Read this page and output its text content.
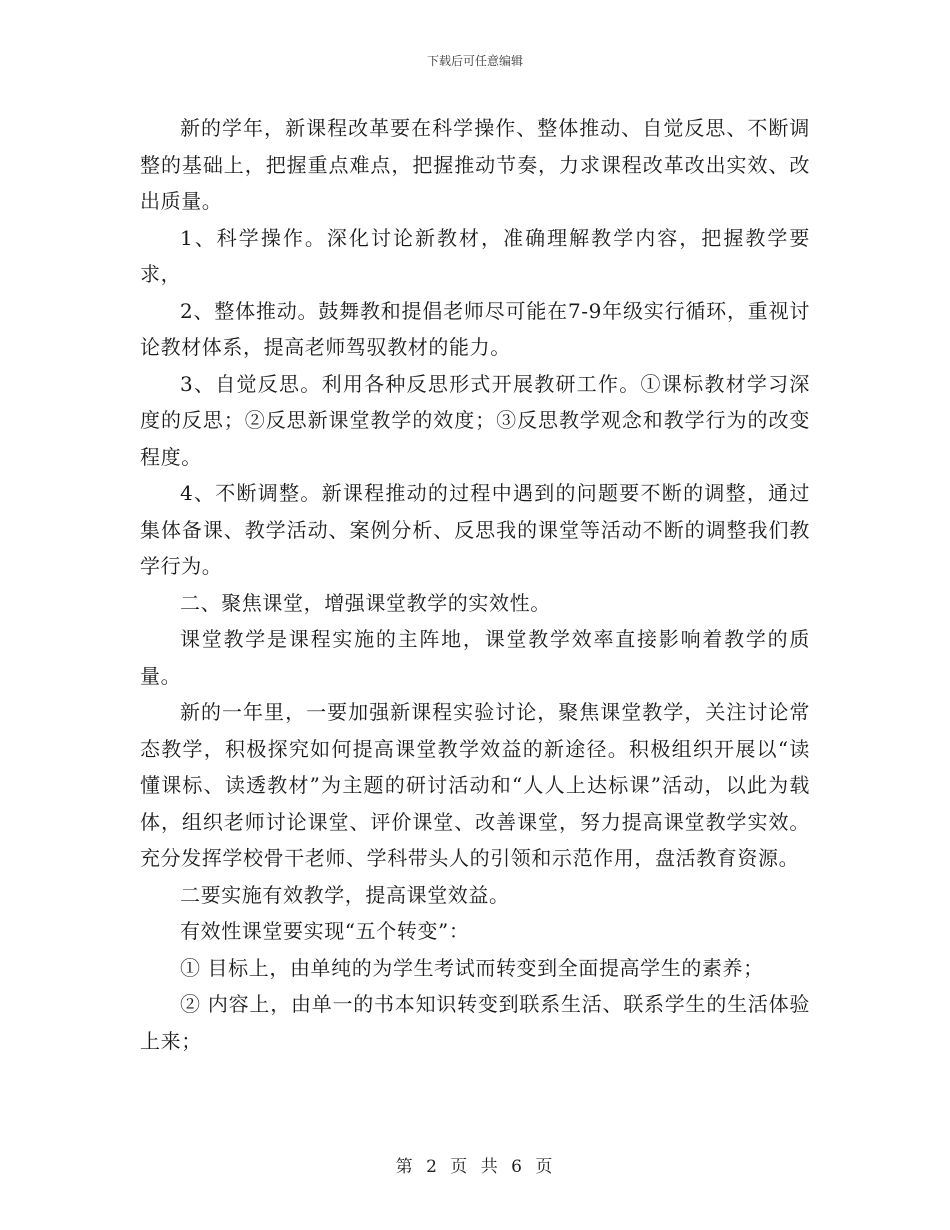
下载后可任意编辑

新的学年，新课程改革要在科学操作、整体推动、自觉反思、不断调整的基础上，把握重点难点，把握推动节奏，力求课程改革改出实效、改出质量。

1、科学操作。深化讨论新教材，准确理解教学内容，把握教学要求，

2、整体推动。鼓舞教和提倡老师尽可能在7-9年级实行循环，重视讨论教材体系，提高老师驾驭教材的能力。

3、自觉反思。利用各种反思形式开展教研工作。①课标教材学习深度的反思；②反思新课堂教学的效度；③反思教学观念和教学行为的改变程度。

4、不断调整。新课程推动的过程中遇到的问题要不断的调整，通过集体备课、教学活动、案例分析、反思我的课堂等活动不断的调整我们教学行为。

二、聚焦课堂，增强课堂教学的实效性。

课堂教学是课程实施的主阵地，课堂教学效率直接影响着教学的质量。

新的一年里，一要加强新课程实验讨论，聚焦课堂教学，关注讨论常态教学，积极探究如何提高课堂教学效益的新途径。积极组织开展以“读懂课标、读透教材”为主题的研讨活动和“人人上达标课”活动，以此为载体，组织老师讨论课堂、评价课堂、改善课堂，努力提高课堂教学实效。充分发挥学校骨干老师、学科带头人的引领和示范作用，盘活教育资源。

二要实施有效教学，提高课堂效益。

有效性课堂要实现“五个转变”：

① 目标上，由单纯的为学生考试而转变到全面提高学生的素养；

② 内容上，由单一的书本知识转变到联系生活、联系学生的生活体验上来；

第 2 页 共 6 页
